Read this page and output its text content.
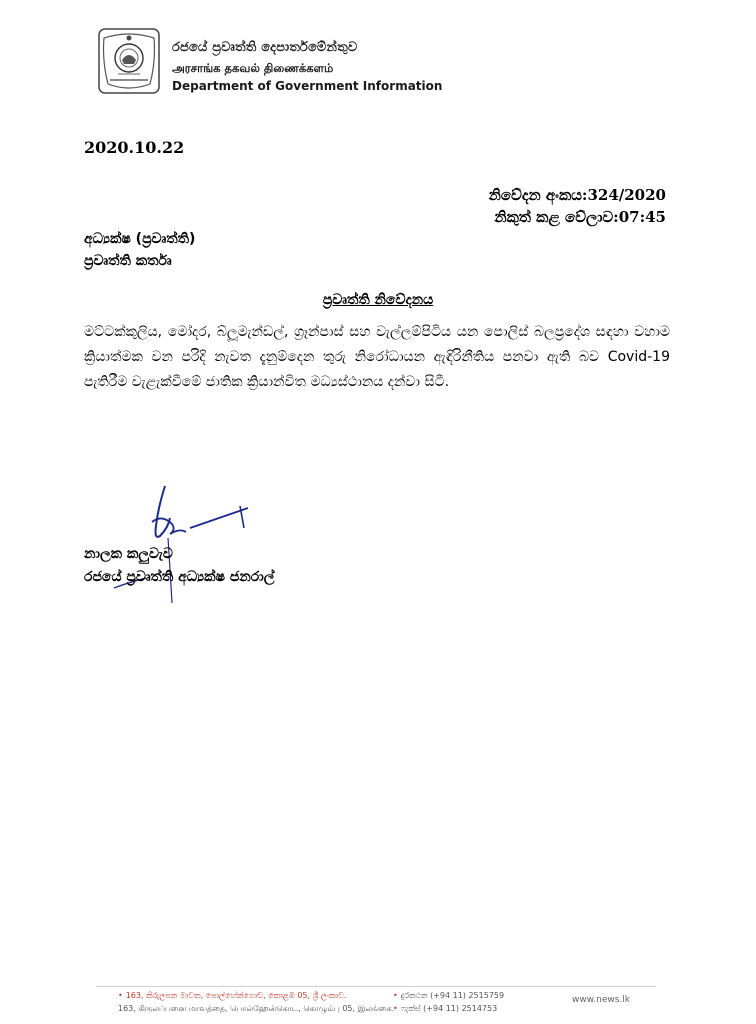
රජයේ ප්‍රවෘත්ති දෙපාර්තමේන්තුව
அரசாங்க தகவல் திணைக்களம்
Department of Government Information
2020.10.22
නිවේදන අංකය:324/2020
නිකුත් කළ වේලාව:07:45
අධ්‍යක්ෂ (ප්‍රවෘත්ති)
ප්‍රවෘත්ති කර්තෘ
ප්‍රවෘත්ති නිවේදනය
මට්ටක්කුලිය, මෝදර, බ්ලූමැන්ඩල්, ග්‍රෑන්පාස් සහ වැල්ලම්පිටිය යන පොලිස් බලප්‍රදේශ සඳහා වහාම ක්‍රියාත්මක වන පරිදි නැවත දැනුම්දෙන තුරු නිරෝධායන ඇඳිරිනීතිය පනවා ඇති බව Covid-19 පැතිරීම වැළැක්වීමේ ජාතික ක්‍රියාන්විත මධ්‍යස්ථානය දන්වා සිටී.
නාලක කලුවැව
රජයේ ප්‍රවෘත්ති අධ්‍යක්ෂ ජනරාල්
• 163, කිරුලපන මාවත, පොල්හේන්ගොඩ, කොළඹ 05, ශ්‍රී ලංකාව.
163, கிருலப்பனை மாவத்தை, பொல்ஹேன்கொட, கொழும்பு 05, இலங்கை.
• දුරකථන (+94 11) 2515759
• ෆැක්ස් (+94 11) 2514753
www.news.lk
